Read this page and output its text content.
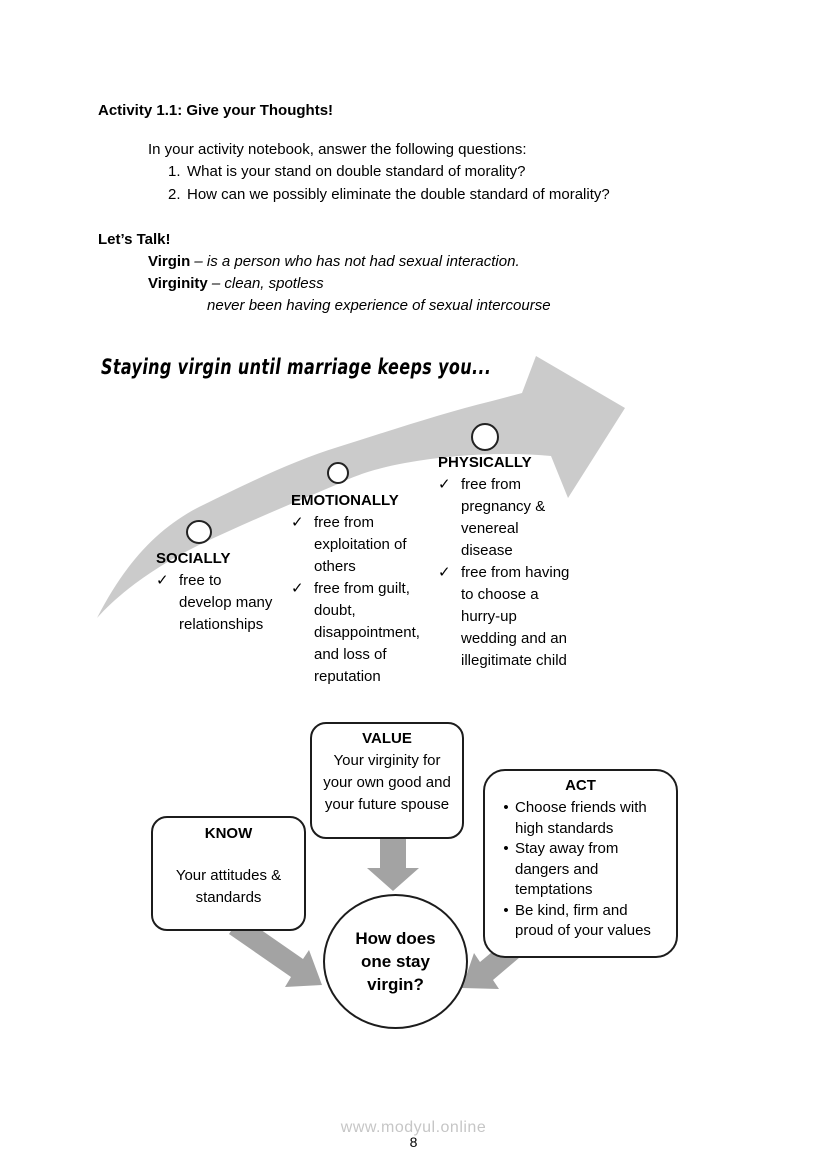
Activity 1.1: Give your Thoughts!
In your activity notebook, answer the following questions:
1. What is your stand on double standard of morality?
2. How can we possibly eliminate the double standard of morality?
Let’s Talk!
Virgin – is a person who has not had sexual interaction.
Virginity – clean, spotless
never been having experience of sexual intercourse
Staying virgin until marriage keeps you...
SOCIALLY
✓ free to develop many relationships
EMOTIONALLY
✓ free from exploitation of others
✓ free from guilt, doubt, disappointment, and loss of reputation
PHYSICALLY
✓ free from pregnancy & venereal disease
✓ free from having to choose a hurry-up wedding and an illegitimate child
KNOW
Your attitudes & standards
VALUE
Your virginity for your own good and your future spouse
ACT
• Choose friends with high standards
• Stay away from dangers and temptations
• Be kind, firm and proud of your values
How does one stay virgin?
www.modyul.online
8
